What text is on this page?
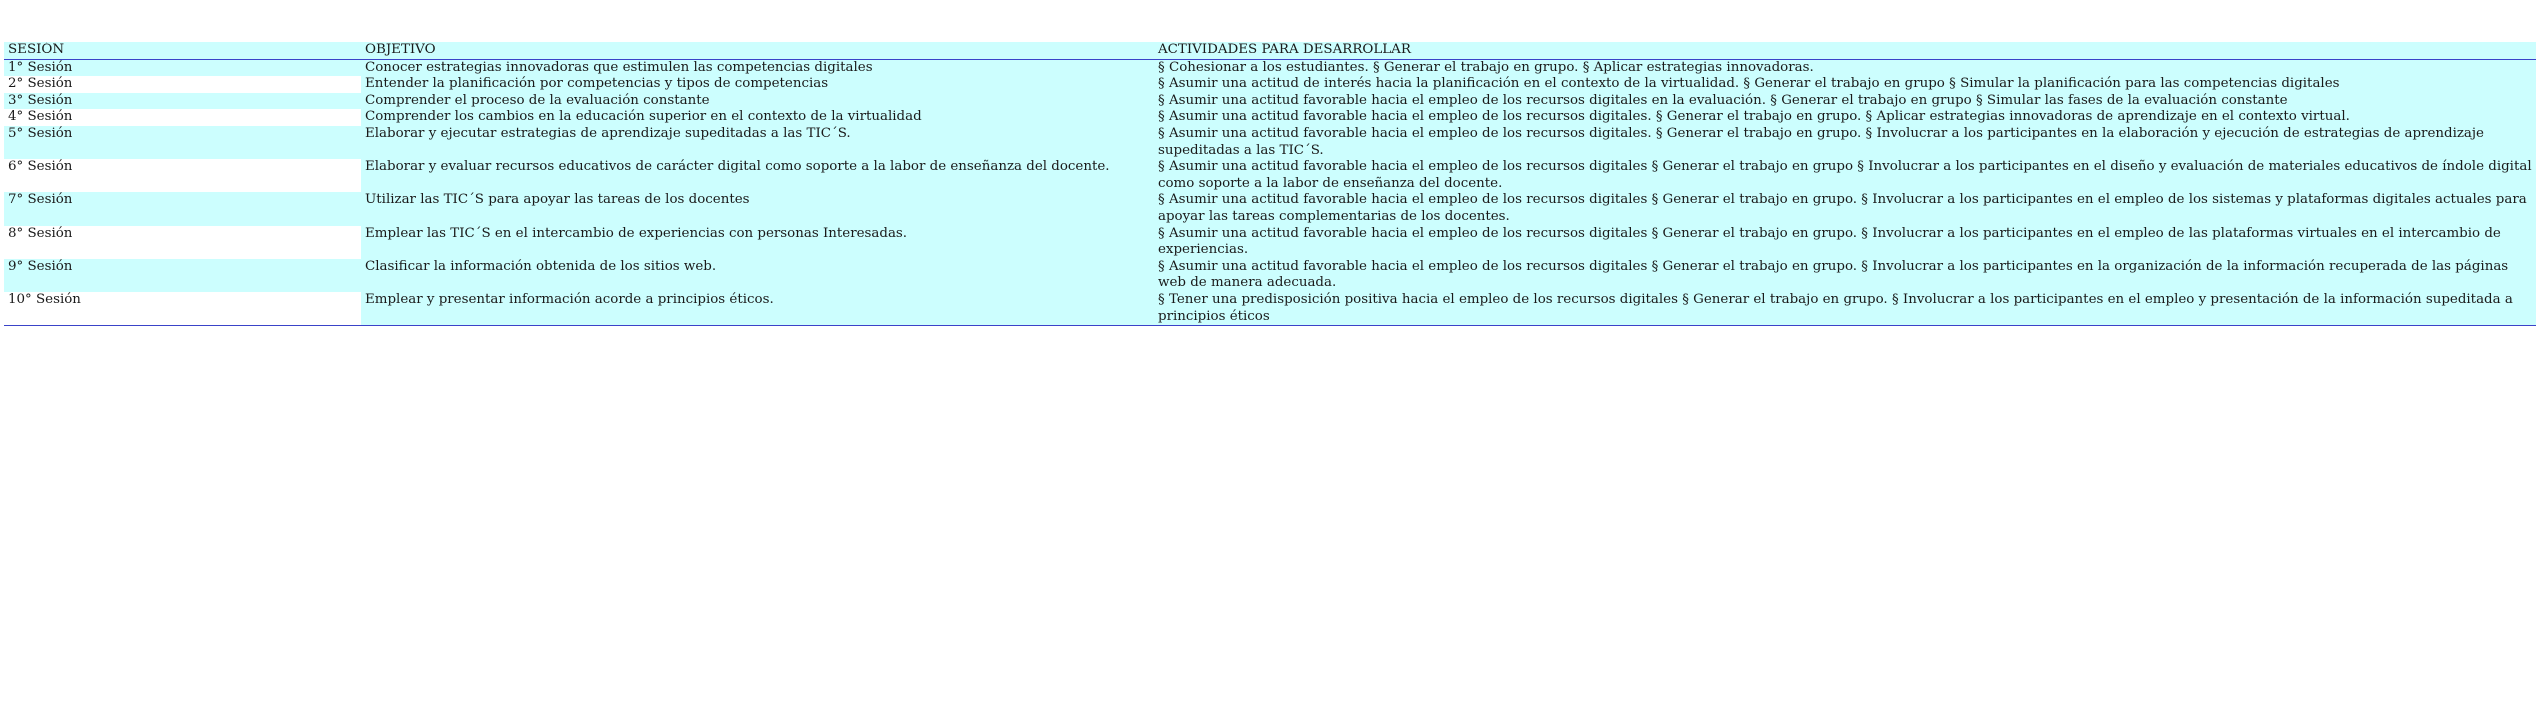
SESIÓN	OBJETIVO	ACTIVIDADES PARA DESARROLLAR
1° Sesión	Conocer estrategias innovadoras que estimulen las competencias digitales	§ Cohesionar a los estudiantes. § Generar el trabajo en grupo. § Aplicar estrategias innovadoras.
2° Sesión	Entender la planificación por competencias y tipos de competencias	§ Asumir una actitud de interés hacia la planificación en el contexto de la virtualidad. § Generar el trabajo en grupo § Simular la planificación para las competencias digitales
3° Sesión	Comprender el proceso de la evaluación constante	§ Asumir una actitud favorable hacia el empleo de los recursos digitales en la evaluación. § Generar el trabajo en grupo § Simular las fases de la evaluación constante
4° Sesión	Comprender los cambios en la educación superior en el contexto de la virtualidad	§ Asumir una actitud favorable hacia el empleo de los recursos digitales. § Generar el trabajo en grupo. § Aplicar estrategias innovadoras de aprendizaje en el contexto virtual.
5° Sesión	Elaborar y ejecutar estrategias de aprendizaje supeditadas a las TIC´S.	§ Asumir una actitud favorable hacia el empleo de los recursos digitales. § Generar el trabajo en grupo. § Involucrar a los participantes en la elaboración y ejecución de estrategias de aprendizaje supeditadas a las TIC´S.
6° Sesión	Elaborar y evaluar recursos educativos de carácter digital como soporte a la labor de enseñanza del docente.	§ Asumir una actitud favorable hacia el empleo de los recursos digitales § Generar el trabajo en grupo § Involucrar a los participantes en el diseño y evaluación de materiales educativos de índole digital como soporte a la labor de enseñanza del docente.
7° Sesión	Utilizar las TIC´S para apoyar las tareas de los docentes	§ Asumir una actitud favorable hacia el empleo de los recursos digitales § Generar el trabajo en grupo. § Involucrar a los participantes en el empleo de los sistemas y plataformas digitales actuales para apoyar las tareas complementarias de los docentes.
8° Sesión	Emplear las TIC´S en el intercambio de experiencias con personas Interesadas.	§ Asumir una actitud favorable hacia el empleo de los recursos digitales § Generar el trabajo en grupo. § Involucrar a los participantes en el empleo de las plataformas virtuales en el intercambio de experiencias.
9° Sesión	Clasificar la información obtenida de los sitios web.	§ Asumir una actitud favorable hacia el empleo de los recursos digitales § Generar el trabajo en grupo. § Involucrar a los participantes en la organización de la información recuperada de las páginas web de manera adecuada.
10° Sesión	Emplear y presentar información acorde a principios éticos.	§ Tener una predisposición positiva hacia el empleo de los recursos digitales § Generar el trabajo en grupo. § Involucrar a los participantes en el empleo y presentación de la información supeditada a principios éticos
